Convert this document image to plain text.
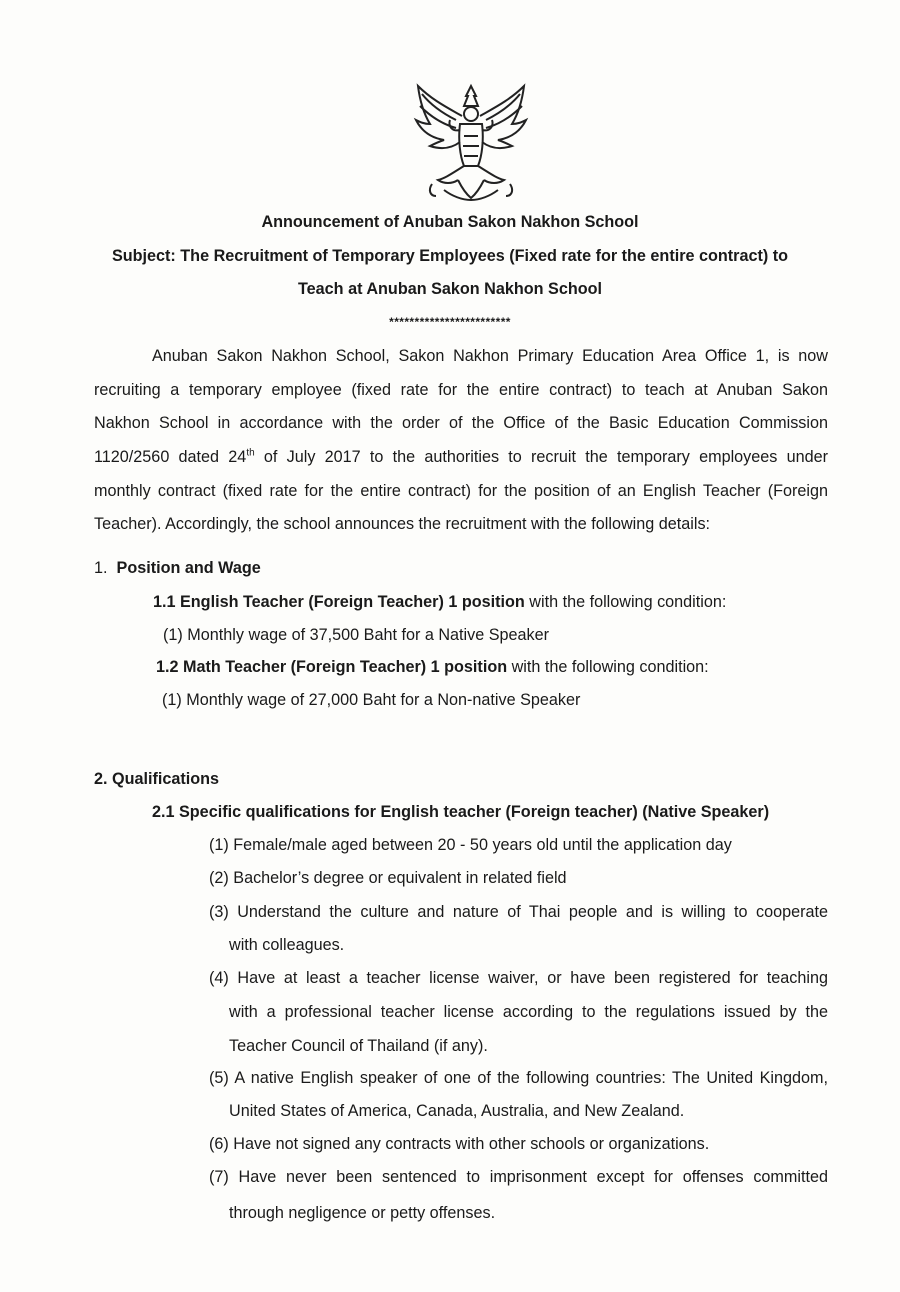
Announcement of Anuban Sakon Nakhon School
Subject: The Recruitment of Temporary Employees (Fixed rate for the entire contract) to
Teach at Anuban Sakon Nakhon School
************************
Anuban Sakon Nakhon School, Sakon Nakhon Primary Education Area Office 1, is now
recruiting a temporary employee (fixed rate for the entire contract) to teach at Anuban Sakon
Nakhon School in accordance with the order of the Office of the Basic Education Commission
1120/2560 dated 24th of July 2017 to the authorities to recruit the temporary employees under
monthly contract (fixed rate for the entire contract) for the position of an English Teacher (Foreign
Teacher). Accordingly, the school announces the recruitment with the following details:
1. Position and Wage
1.1 English Teacher (Foreign Teacher) 1 position with the following condition:
(1) Monthly wage of 37,500 Baht for a Native Speaker
1.2 Math Teacher (Foreign Teacher) 1 position with the following condition:
(1) Monthly wage of 27,000 Baht for a Non-native Speaker
2. Qualifications
2.1 Specific qualifications for English teacher (Foreign teacher) (Native Speaker)
(1) Female/male aged between 20 - 50 years old until the application day
(2) Bachelor’s degree or equivalent in related field
(3) Understand the culture and nature of Thai people and is willing to cooperate
with colleagues.
(4) Have at least a teacher license waiver, or have been registered for teaching
with a professional teacher license according to the regulations issued by the
Teacher Council of Thailand (if any).
(5) A native English speaker of one of the following countries: The United Kingdom,
United States of America, Canada, Australia, and New Zealand.
(6) Have not signed any contracts with other schools or organizations.
(7) Have never been sentenced to imprisonment except for offenses committed
through negligence or petty offenses.
